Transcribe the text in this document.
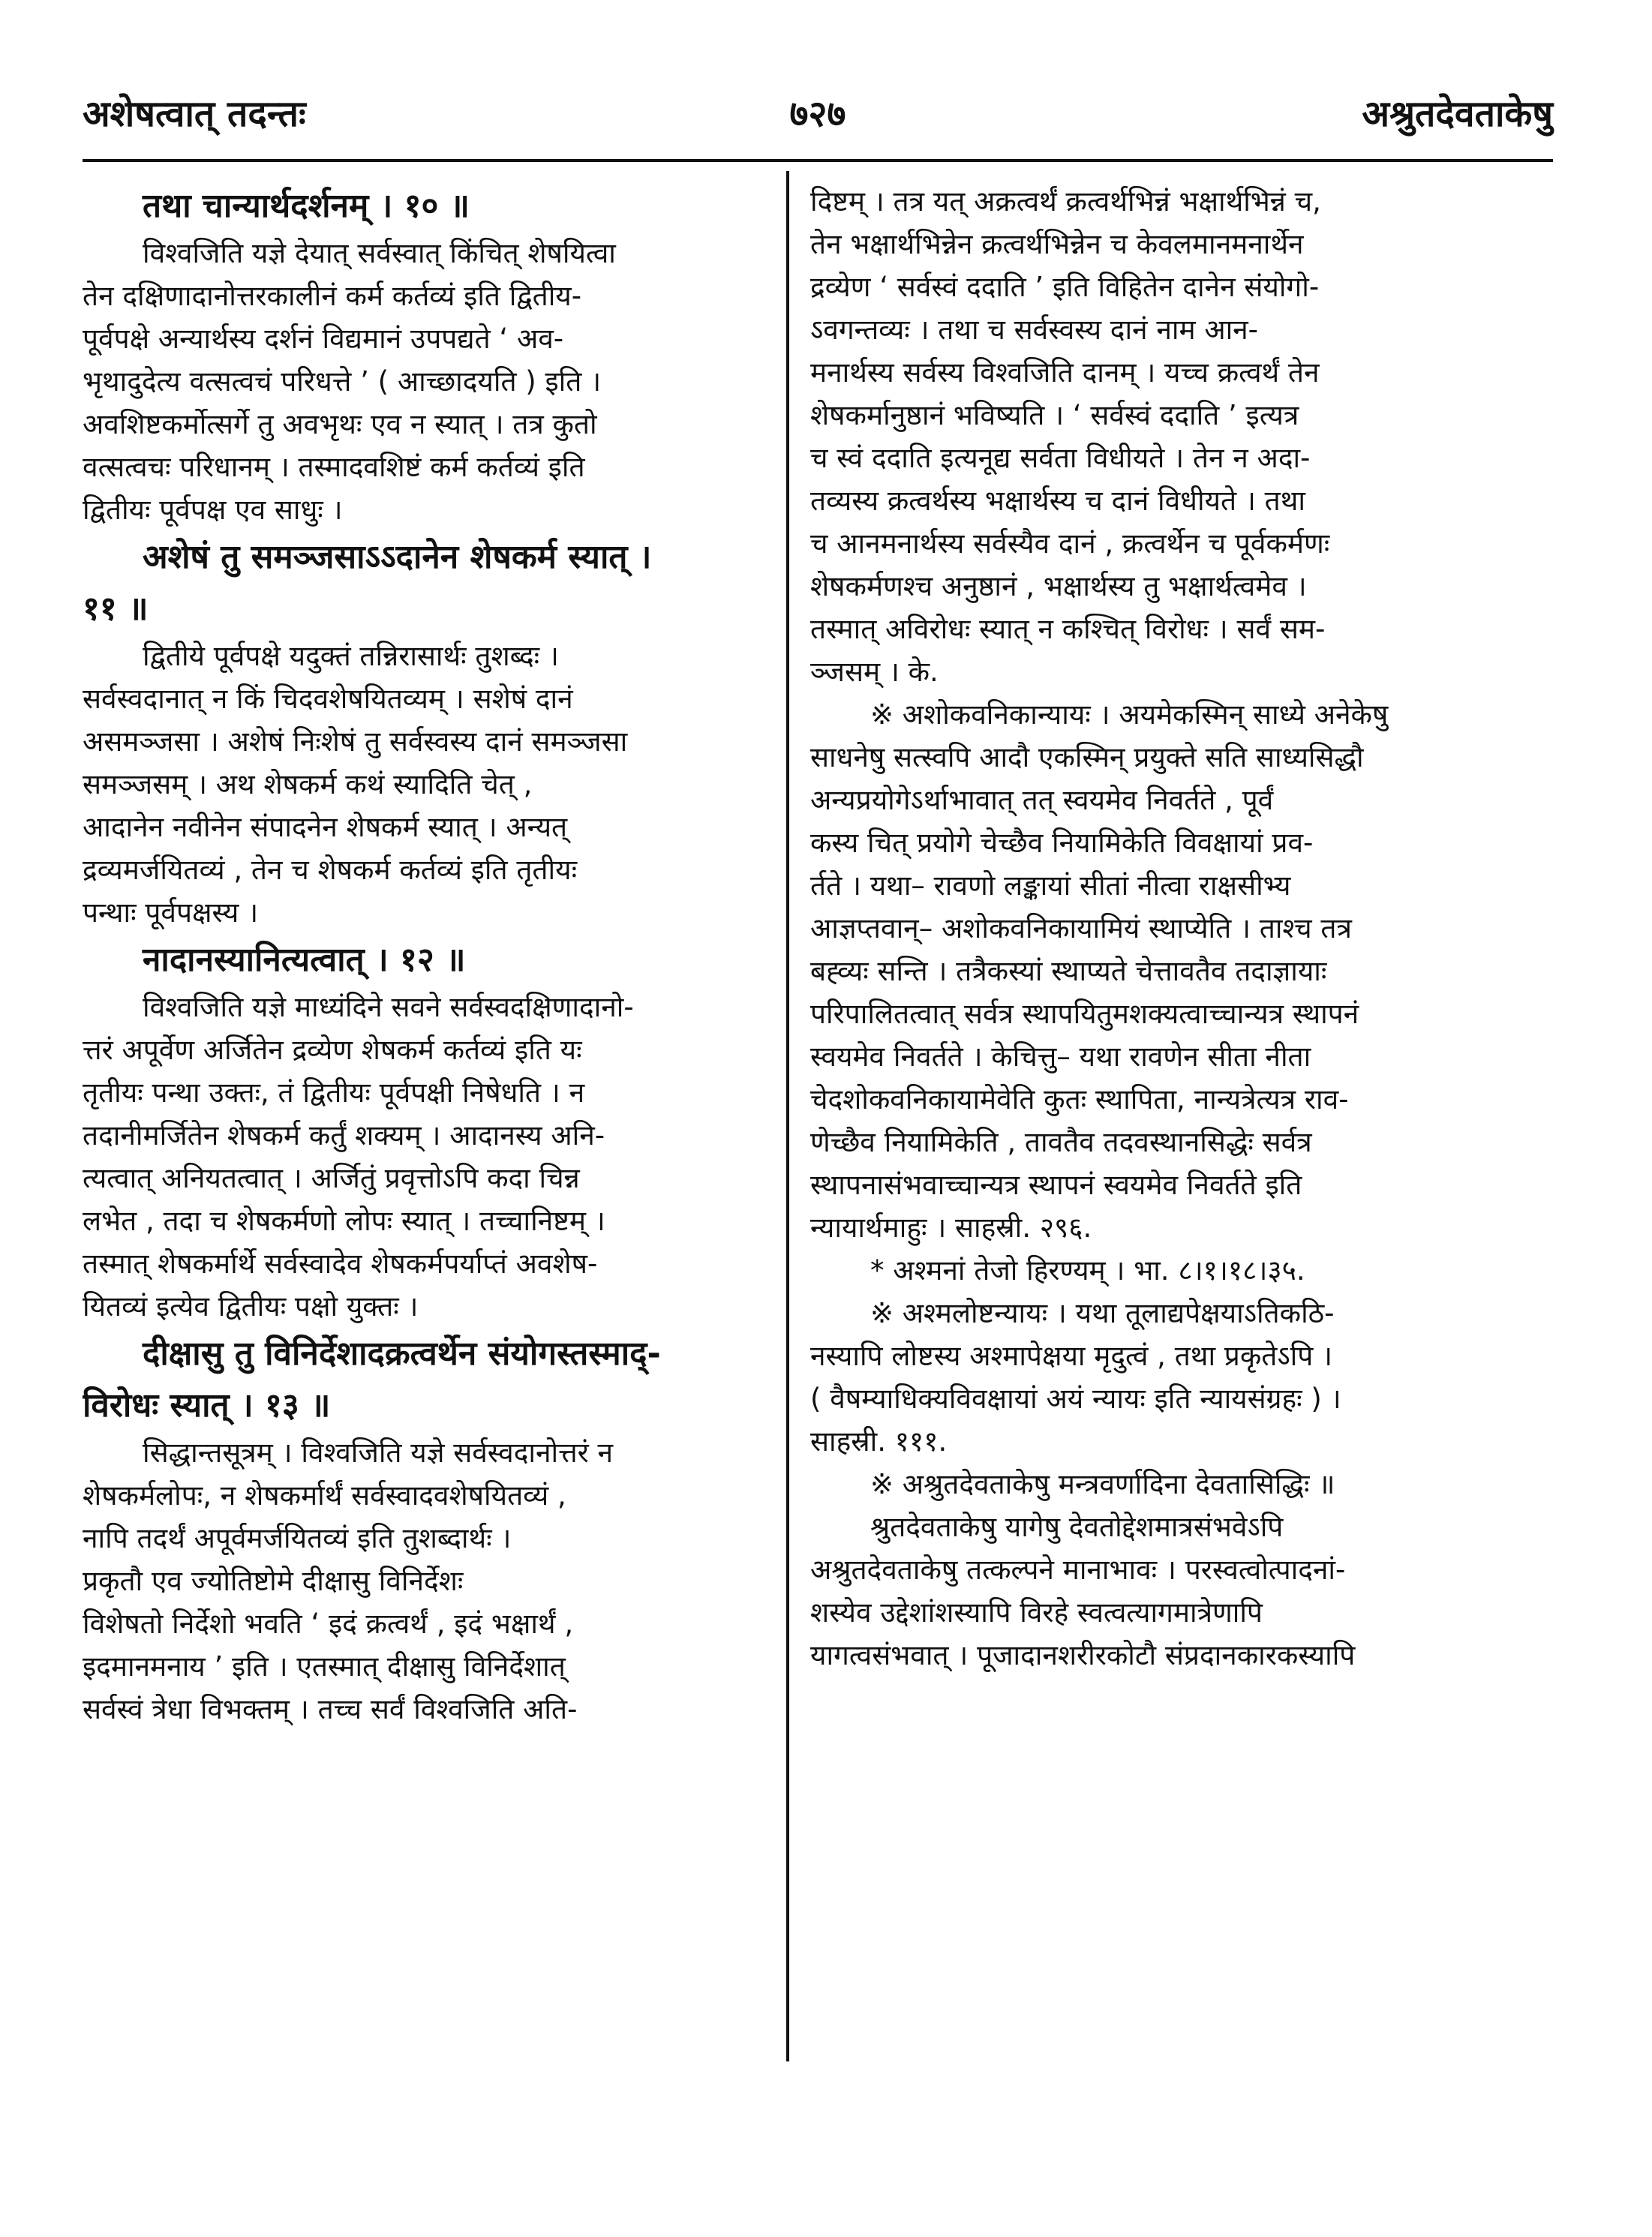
७२७
अशेषत्वात् तदन्तः	अश्रुतदेवताकेषु
तथा चान्यार्थदर्शनम् । १० ॥
विश्वजिति यज्ञे देयात् सर्वस्वात् किंचित् शेषयित्वा
तेन दक्षिणादानोत्तरकालीनं कर्म कर्तव्यं इति द्वितीय-
पूर्वपक्षे अन्यार्थस्य दर्शनं विद्यमानं उपपद्यते ‘ अव-
भृथादुदेत्य वत्सत्वचं परिधत्ते ’ ( आच्छादयति ) इति ।
अवशिष्टकर्मोत्सर्गे तु अवभृथः एव न स्यात् । तत्र कुतो
वत्सत्वचः परिधानम् । तस्मादवशिष्टं कर्म कर्तव्यं इति
द्वितीयः पूर्वपक्ष एव साधुः ।
अशेषं तु समञ्जसाऽऽदानेन शेषकर्म स्यात् ।
११ ॥
द्वितीये पूर्वपक्षे यदुक्तं तन्निरासार्थः तुशब्दः ।
सर्वस्वदानात् न किं चिदवशेषयितव्यम् । सशेषं दानं
असमञ्जसा । अशेषं निःशेषं तु सर्वस्वस्य दानं समञ्जसा
समञ्जसम् । अथ शेषकर्म कथं स्यादिति चेत् ,
आदानेन नवीनेन संपादनेन शेषकर्म स्यात् । अन्यत्
द्रव्यमर्जयितव्यं , तेन च शेषकर्म कर्तव्यं इति तृतीयः
पन्थाः पूर्वपक्षस्य ।
नादानस्यानित्यत्वात् । १२ ॥
विश्वजिति यज्ञे माध्यंदिने सवने सर्वस्वदक्षिणादानो-
त्तरं अपूर्वेण अर्जितेन द्रव्येण शेषकर्म कर्तव्यं इति यः
तृतीयः पन्था उक्तः, तं द्वितीयः पूर्वपक्षी निषेधति । न
तदानीमर्जितेन शेषकर्म कर्तुं शक्यम् । आदानस्य अनि-
त्यत्वात् अनियतत्वात् । अर्जितुं प्रवृत्तोऽपि कदा चिन्न
लभेत , तदा च शेषकर्मणो लोपः स्यात् । तच्चानिष्टम् ।
तस्मात् शेषकर्मार्थे सर्वस्वादेव शेषकर्मपर्याप्तं अवशेष-
यितव्यं इत्येव द्वितीयः पक्षो युक्तः ।
दीक्षासु तु विनिर्देशादक्रत्वर्थेन संयोगस्तस्माद्-
विरोधः स्यात् । १३ ॥
सिद्धान्तसूत्रम् । विश्वजिति यज्ञे सर्वस्वदानोत्तरं न
शेषकर्मलोपः, न शेषकर्मार्थं सर्वस्वादवशेषयितव्यं ,
नापि तदर्थं अपूर्वमर्जयितव्यं इति तुशब्दार्थः ।
प्रकृतौ एव ज्योतिष्टोमे दीक्षासु विनिर्देशः
विशेषतो निर्देशो भवति ‘ इदं क्रत्वर्थं , इदं भक्षार्थं ,
इदमानमनाय ’ इति । एतस्मात् दीक्षासु विनिर्देशात्
सर्वस्वं त्रेधा विभक्तम् । तच्च सर्वं विश्वजिति अति-
दिष्टम् । तत्र यत् अक्रत्वर्थं क्रत्वर्थभिन्नं भक्षार्थभिन्नं च,
तेन भक्षार्थभिन्नेन क्रत्वर्थभिन्नेन च केवलमानमनार्थेन
द्रव्येण ‘ सर्वस्वं ददाति ’ इति विहितेन दानेन संयोगो-
ऽवगन्तव्यः । तथा च सर्वस्वस्य दानं नाम आन-
मनार्थस्य सर्वस्य विश्वजिति दानम् । यच्च क्रत्वर्थं तेन
शेषकर्मानुष्ठानं भविष्यति । ‘ सर्वस्वं ददाति ’ इत्यत्र
च स्वं ददाति इत्यनूद्य सर्वता विधीयते । तेन न अदा-
तव्यस्य क्रत्वर्थस्य भक्षार्थस्य च दानं विधीयते । तथा
च आनमनार्थस्य सर्वस्यैव दानं , क्रत्वर्थेन च पूर्वकर्मणः
शेषकर्मणश्च अनुष्ठानं , भक्षार्थस्य तु भक्षार्थत्वमेव ।
तस्मात् अविरोधः स्यात् न कश्चित् विरोधः । सर्वं सम-
ञ्जसम् । के.
※ अशोकवनिकान्यायः । अयमेकस्मिन् साध्ये अनेकेषु
साधनेषु सत्स्वपि आदौ एकस्मिन् प्रयुक्ते सति साध्यसिद्धौ
अन्यप्रयोगेऽर्थाभावात् तत् स्वयमेव निवर्तते , पूर्वं
कस्य चित् प्रयोगे चेच्छैव नियामिकेति विवक्षायां प्रव-
र्तते । यथा– रावणो लङ्कायां सीतां नीत्वा राक्षसीभ्य
आज्ञप्तवान्– अशोकवनिकायामियं स्थाप्येति । ताश्च तत्र
बह्व्यः सन्ति । तत्रैकस्यां स्थाप्यते चेत्तावतैव तदाज्ञायाः
परिपालितत्वात् सर्वत्र स्थापयितुमशक्यत्वाच्चान्यत्र स्थापनं
स्वयमेव निवर्तते । केचित्तु– यथा रावणेन सीता नीता
चेदशोकवनिकायामेवेति कुतः स्थापिता, नान्यत्रेत्यत्र राव-
णेच्छैव नियामिकेति , तावतैव तदवस्थानसिद्धेः सर्वत्र
स्थापनासंभवाच्चान्यत्र स्थापनं स्वयमेव निवर्तते इति
न्यायार्थमाहुः । साहस्री. २९६.
* अश्मनां तेजो हिरण्यम् । भा. ८।१।१८।३५.
※ अश्मलोष्टन्यायः । यथा तूलाद्यपेक्षयाऽतिकठि-
नस्यापि लोष्टस्य अश्मापेक्षया मृदुत्वं , तथा प्रकृतेऽपि ।
( वैषम्याधिक्यविवक्षायां अयं न्यायः इति न्यायसंग्रहः ) ।
साहस्री. १११.
※ अश्रुतदेवताकेषु मन्त्रवर्णादिना देवतासिद्धिः ॥
श्रुतदेवताकेषु यागेषु देवतोद्देशमात्रसंभवेऽपि
अश्रुतदेवताकेषु तत्कल्पने मानाभावः । परस्वत्वोत्पादनां-
शस्येव उद्देशांशस्यापि विरहे स्वत्वत्यागमात्रेणापि
यागत्वसंभवात् । पूजादानशरीरकोटौ संप्रदानकारकस्यापि
